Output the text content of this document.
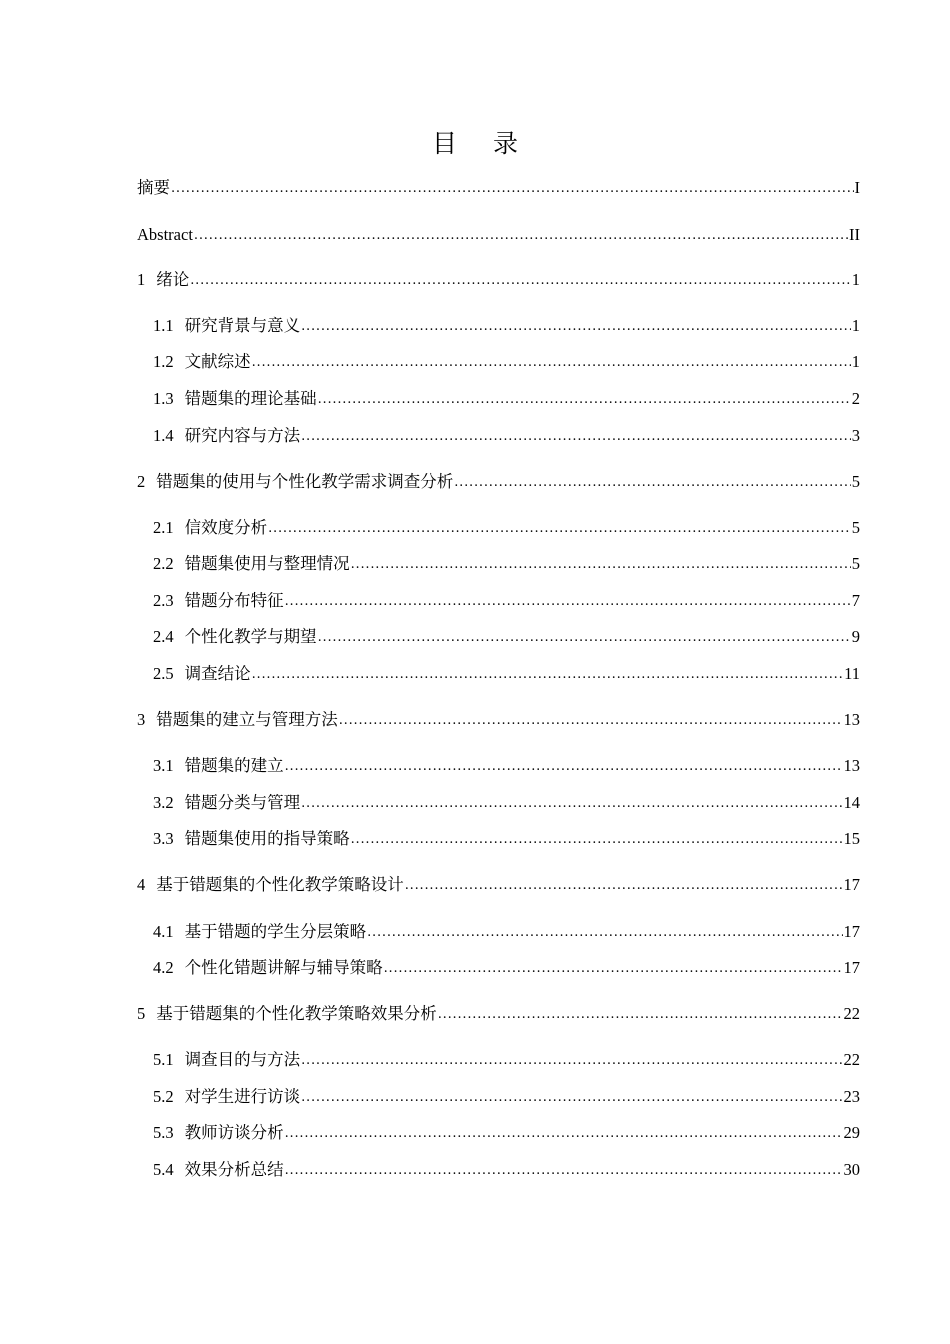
目 录
摘要 .....	I
Abstract .....	II
1 绪论 .....	1
1.1 研究背景与意义 .....	1
1.2 文献综述 .....	1
1.3 错题集的理论基础 .....	2
1.4 研究内容与方法 .....	3
2 错题集的使用与个性化教学需求调查分析 .....	5
2.1 信效度分析 .....	5
2.2 错题集使用与整理情况 .....	5
2.3 错题分布特征 .....	7
2.4 个性化教学与期望 .....	9
2.5 调查结论 .....	11
3 错题集的建立与管理方法 .....	13
3.1 错题集的建立 .....	13
3.2 错题分类与管理 .....	14
3.3 错题集使用的指导策略 .....	15
4 基于错题集的个性化教学策略设计 .....	17
4.1 基于错题的学生分层策略 .....	17
4.2 个性化错题讲解与辅导策略 .....	17
5 基于错题集的个性化教学策略效果分析 .....	22
5.1 调查目的与方法 .....	22
5.2 对学生进行访谈 .....	23
5.3 教师访谈分析 .....	29
5.4 效果分析总结 .....	30
